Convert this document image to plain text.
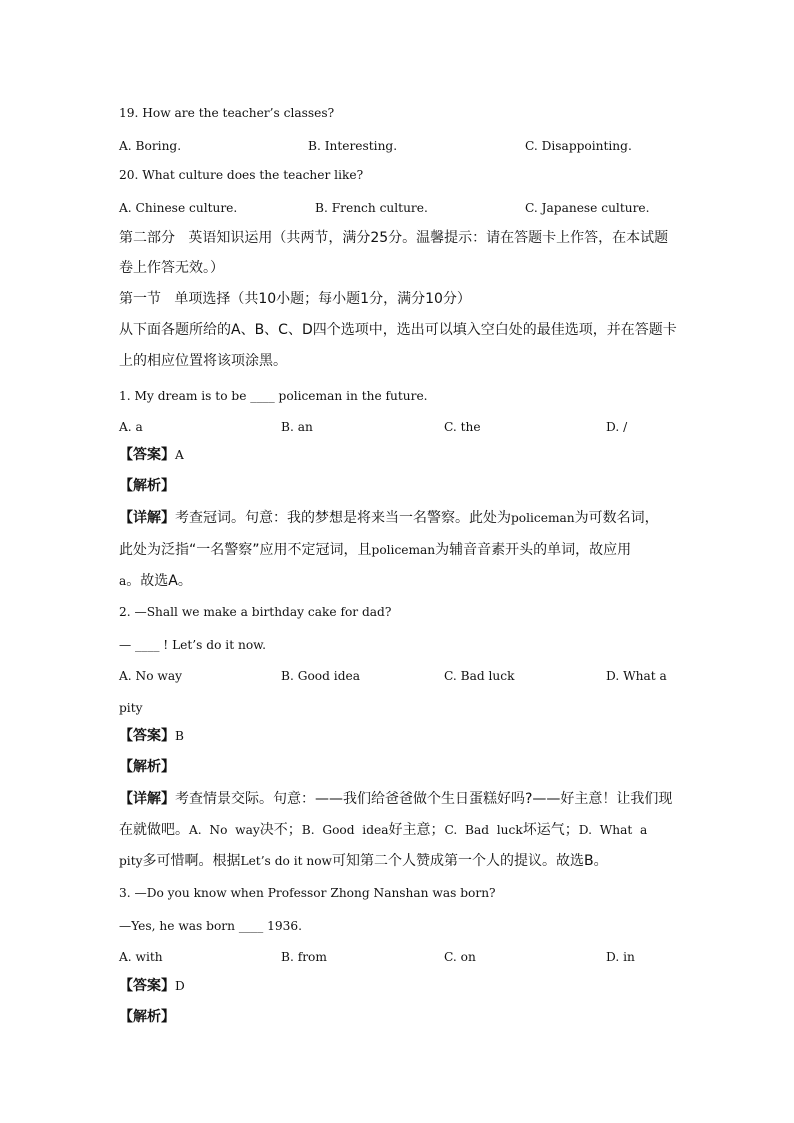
19. How are the teacher’s classes?
A. Boring.	B. Interesting.	C. Disappointing.
20. What culture does the teacher like?
A. Chinese culture.	B. French culture.	C. Japanese culture.
第二部分   英语知识运用（共两节，满分25分。温馨提示：请在答题卡上作答，在本试题
卷上作答无效。）
第一节   单项选择（共10小题；每小题1分，满分10分）
从下面各题所给的A、B、C、D四个选项中，选出可以填入空白处的最佳选项，并在答题卡
上的相应位置将该项涂黑。
1. My dream is to be ____ policeman in the future.
A. a	B. an	C. the	D. /
【答案】A
【解析】
【详解】考查冠词。句意：我的梦想是将来当一名警察。此处为policeman为可数名词，
此处为泛指“一名警察”应用不定冠词，且policeman为辅音音素开头的单词，故应用
a。故选A。
2. —Shall we make a birthday cake for dad?
— ____ ! Let’s do it now.
A. No way	B. Good idea	C. Bad luck	D. What a
pity
【答案】B
【解析】
【详解】考查情景交际。句意：——我们给爸爸做个生日蛋糕好吗?——好主意！让我们现
在就做吧。A.  No  way决不；B.  Good  idea好主意；C.  Bad  luck坏运气；D.  What  a
pity多可惜啊。根据Let’s do it now可知第二个人赞成第一个人的提议。故选B。
3. —Do you know when Professor Zhong Nanshan was born?
—Yes, he was born ____ 1936.
A. with	B. from	C. on	D. in
【答案】D
【解析】
